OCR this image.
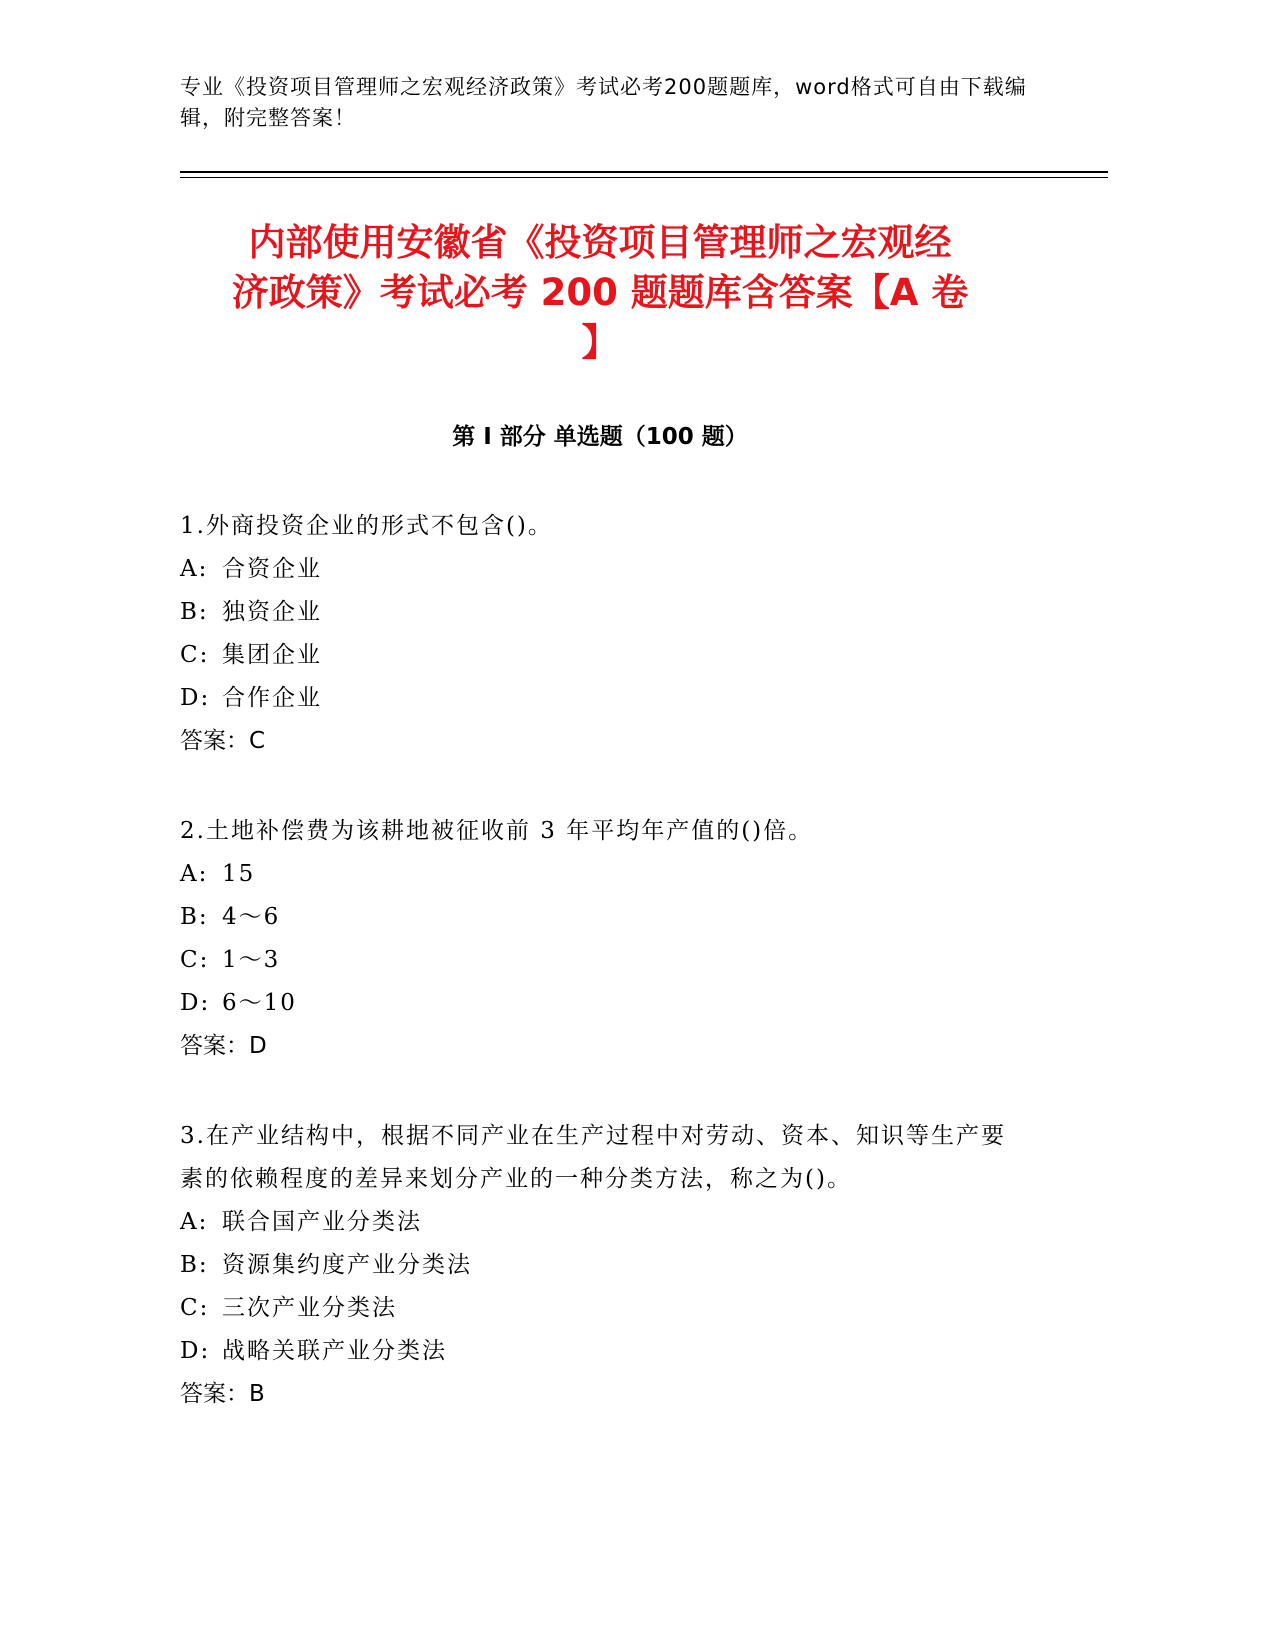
专业《投资项目管理师之宏观经济政策》考试必考200题题库，word格式可自由下载编辑，附完整答案！
内部使用安徽省《投资项目管理师之宏观经
济政策》考试必考 200 题题库含答案【A 卷
】
第 I 部分 单选题（100 题）
1.外商投资企业的形式不包含()。
A: 合资企业
B: 独资企业
C: 集团企业
D: 合作企业
答案：C
2.土地补偿费为该耕地被征收前 3 年平均年产值的()倍。
A: 15
B: 4～6
C: 1～3
D: 6～10
答案：D
3.在产业结构中，根据不同产业在生产过程中对劳动、资本、知识等生产要素的依赖程度的差异来划分产业的一种分类方法，称之为()。
A: 联合国产业分类法
B: 资源集约度产业分类法
C: 三次产业分类法
D: 战略关联产业分类法
答案：B
